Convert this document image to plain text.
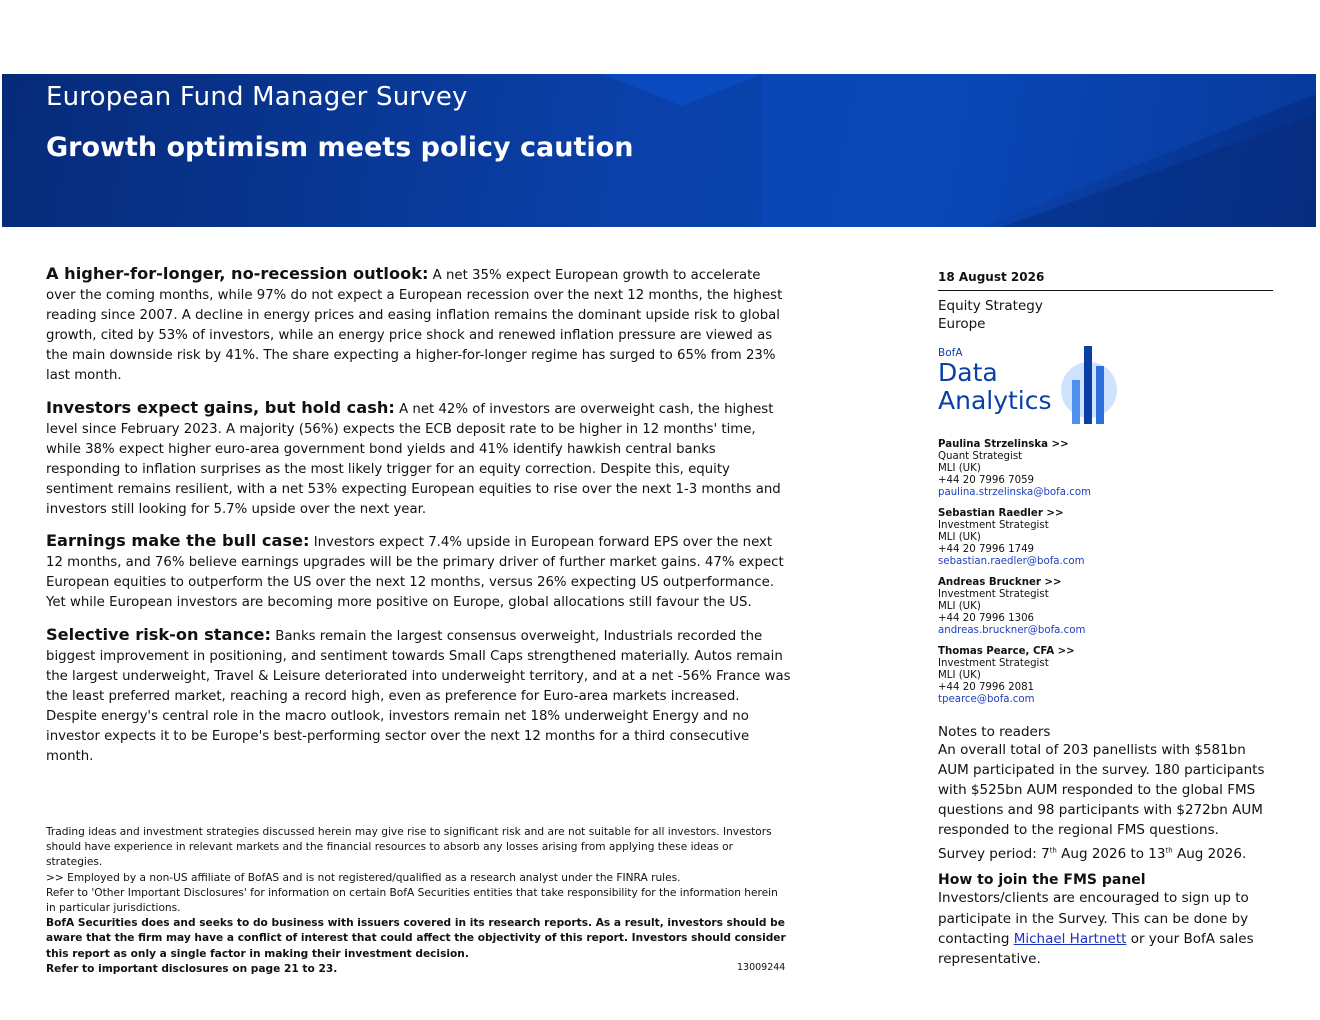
European Fund Manager Survey
Growth optimism meets policy caution

A higher-for-longer, no-recession outlook: A net 35% expect European growth to accelerate over the coming months, while 97% do not expect a European recession over the next 12 months, the highest reading since 2007. A decline in energy prices and easing inflation remains the dominant upside risk to global growth, cited by 53% of investors, while an energy price shock and renewed inflation pressure are viewed as the main downside risk by 41%. The share expecting a higher-for-longer regime has surged to 65% from 23% last month.

Investors expect gains, but hold cash: A net 42% of investors are overweight cash, the highest level since February 2023. A majority (56%) expects the ECB deposit rate to be higher in 12 months' time, while 38% expect higher euro-area government bond yields and 41% identify hawkish central banks responding to inflation surprises as the most likely trigger for an equity correction. Despite this, equity sentiment remains resilient, with a net 53% expecting European equities to rise over the next 1-3 months and investors still looking for 5.7% upside over the next year.

Earnings make the bull case: Investors expect 7.4% upside in European forward EPS over the next 12 months, and 76% believe earnings upgrades will be the primary driver of further market gains. 47% expect European equities to outperform the US over the next 12 months, versus 26% expecting US outperformance. Yet while European investors are becoming more positive on Europe, global allocations still favour the US.

Selective risk-on stance: Banks remain the largest consensus overweight, Industrials recorded the biggest improvement in positioning, and sentiment towards Small Caps strengthened materially. Autos remain the largest underweight, Travel & Leisure deteriorated into underweight territory, and at a net -56% France was the least preferred market, reaching a record high, even as preference for Euro-area markets increased. Despite energy's central role in the macro outlook, investors remain net 18% underweight Energy and no investor expects it to be Europe's best-performing sector over the next 12 months for a third consecutive month.

Trading ideas and investment strategies discussed herein may give rise to significant risk and are not suitable for all investors. Investors should have experience in relevant markets and the financial resources to absorb any losses arising from applying these ideas or strategies.
>> Employed by a non-US affiliate of BofAS and is not registered/qualified as a research analyst under the FINRA rules.
Refer to 'Other Important Disclosures' for information on certain BofA Securities entities that take responsibility for the information herein in particular jurisdictions.
BofA Securities does and seeks to do business with issuers covered in its research reports. As a result, investors should be aware that the firm may have a conflict of interest that could affect the objectivity of this report. Investors should consider this report as only a single factor in making their investment decision.
Refer to important disclosures on page 21 to 23.	13009244
18 August 2026
Equity Strategy
Europe
BofA
Data
Analytics
Paulina Strzelinska >>
Quant Strategist
MLI (UK)
+44 20 7996 7059
paulina.strzelinska@bofa.com
Sebastian Raedler >>
Investment Strategist
MLI (UK)
+44 20 7996 1749
sebastian.raedler@bofa.com
Andreas Bruckner >>
Investment Strategist
MLI (UK)
+44 20 7996 1306
andreas.bruckner@bofa.com
Thomas Pearce, CFA >>
Investment Strategist
MLI (UK)
+44 20 7996 2081
tpearce@bofa.com
Notes to readers
An overall total of 203 panellists with $581bn AUM participated in the survey. 180 participants with $525bn AUM responded to the global FMS questions and 98 participants with $272bn AUM responded to the regional FMS questions.
Survey period: 7th Aug 2026 to 13th Aug 2026.
How to join the FMS panel
Investors/clients are encouraged to sign up to participate in the Survey. This can be done by contacting Michael Hartnett or your BofA sales representative.
